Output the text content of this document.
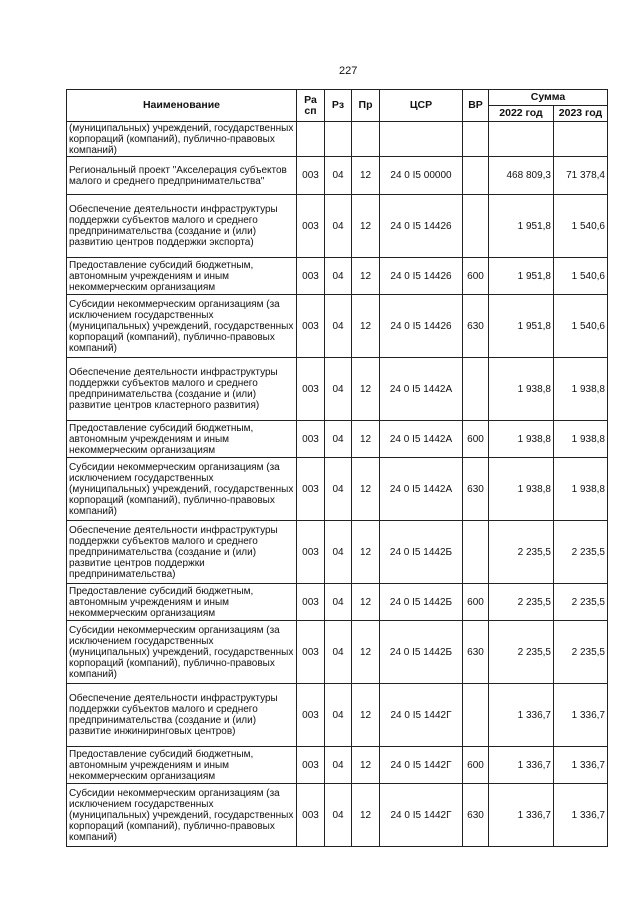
227
Наименование	Ра сп	Рз	Пр	ЦСР	ВР	Сумма	
						2022 год	2023 год
(муниципальных) учреждений, государственных корпораций (компаний), публично-правовых компаний)							
Региональный проект "Акселерация субъектов малого и среднего предпринимательства"	003	04	12	24 0 I5 00000		468 809,3	71 378,4
Обеспечение деятельности инфраструктуры поддержки субъектов малого и среднего предпринимательства (создание и (или) развитию центров поддержки экспорта)	003	04	12	24 0 I5 14426		1 951,8	1 540,6
Предоставление субсидий бюджетным, автономным учреждениям и иным некоммерческим организациям	003	04	12	24 0 I5 14426	600	1 951,8	1 540,6
Субсидии некоммерческим организациям (за исключением государственных (муниципальных) учреждений, государственных корпораций (компаний), публично-правовых компаний)	003	04	12	24 0 I5 14426	630	1 951,8	1 540,6
Обеспечение деятельности инфраструктуры поддержки субъектов малого и среднего предпринимательства (создание и (или) развитие центров кластерного развития)	003	04	12	24 0 I5 1442А		1 938,8	1 938,8
Предоставление субсидий бюджетным, автономным учреждениям и иным некоммерческим организациям	003	04	12	24 0 I5 1442А	600	1 938,8	1 938,8
Субсидии некоммерческим организациям (за исключением государственных (муниципальных) учреждений, государственных корпораций (компаний), публично-правовых компаний)	003	04	12	24 0 I5 1442А	630	1 938,8	1 938,8
Обеспечение деятельности инфраструктуры поддержки субъектов малого и среднего предпринимательства (создание и (или) развитие центров поддержки предпринимательства)	003	04	12	24 0 I5 1442Б		2 235,5	2 235,5
Предоставление субсидий бюджетным, автономным учреждениям и иным некоммерческим организациям	003	04	12	24 0 I5 1442Б	600	2 235,5	2 235,5
Субсидии некоммерческим организациям (за исключением государственных (муниципальных) учреждений, государственных корпораций (компаний), публично-правовых компаний)	003	04	12	24 0 I5 1442Б	630	2 235,5	2 235,5
Обеспечение деятельности инфраструктуры поддержки субъектов малого и среднего предпринимательства (создание и (или) развитие инжиниринговых центров)	003	04	12	24 0 I5 1442Г		1 336,7	1 336,7
Предоставление субсидий бюджетным, автономным учреждениям и иным некоммерческим организациям	003	04	12	24 0 I5 1442Г	600	1 336,7	1 336,7
Субсидии некоммерческим организациям (за исключением государственных (муниципальных) учреждений, государственных корпораций (компаний), публично-правовых компаний)	003	04	12	24 0 I5 1442Г	630	1 336,7	1 336,7
